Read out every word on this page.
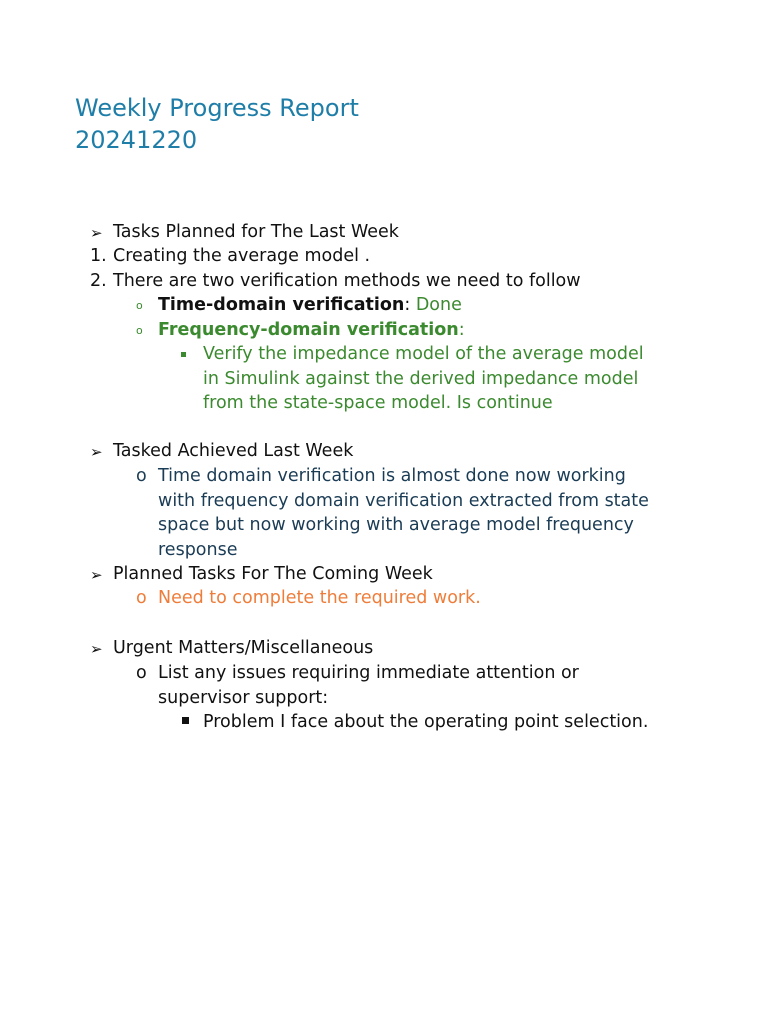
Weekly Progress Report
20241220
➢ Tasks Planned for The Last Week
1. Creating the average model .
2. There are two verification methods we need to follow
o Time-domain verification: Done
o Frequency-domain verification:
Verify the impedance model of the average model
in Simulink against the derived impedance model
from the state-space model. Is continue
➢ Tasked Achieved Last Week
o Time domain verification is almost done now working
with frequency domain verification extracted from state
space but now working with average model frequency
response
➢ Planned Tasks For The Coming Week
o Need to complete the required work.
➢ Urgent Matters/Miscellaneous
o List any issues requiring immediate attention or
supervisor support:
Problem I face about the operating point selection.
